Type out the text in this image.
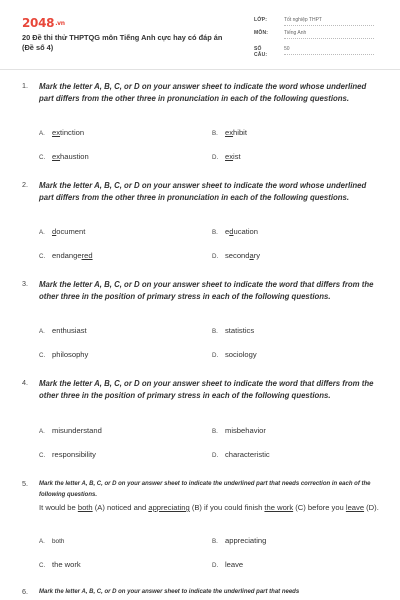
2048.vn
20 Đề thi thử THPTQG môn Tiếng Anh cực hay có đáp án (Đề số 4)
LỚP:	Tốt nghiệp THPT
MÔN:	Tiếng Anh
SỐ CÂU:
50
1. Mark the letter A, B, C, or D on your answer sheet to indicate the word whose underlined part differs from the other three in pronunciation in each of the following questions.
A. extinction	B. exhibit
C. exhaustion	D. exist
2. Mark the letter A, B, C, or D on your answer sheet to indicate the word whose underlined part differs from the other three in pronunciation in each of the following questions.
A. document	B. education
C. endangered	D. secondary
3. Mark the letter A, B, C, or D on your answer sheet to indicate the word that differs from the other three in the position of primary stress in each of the following questions.
A. enthusiast	B. statistics
C. philosophy	D. sociology
4. Mark the letter A, B, C, or D on your answer sheet to indicate the word that differs from the other three in the position of primary stress in each of the following questions.
A. misunderstand	B. misbehavior
C. responsibility	D. characteristic
5. Mark the letter A, B, C, or D on your answer sheet to indicate the underlined part that needs correction in each of the following questions.
It would be both (A) noticed and appreciating (B) if you could finish the work (C) before you leave (D).
A. both	B. appreciating
C. the work	D. leave
6. Mark the letter A, B, C, or D on your answer sheet to indicate the underlined part that needs
